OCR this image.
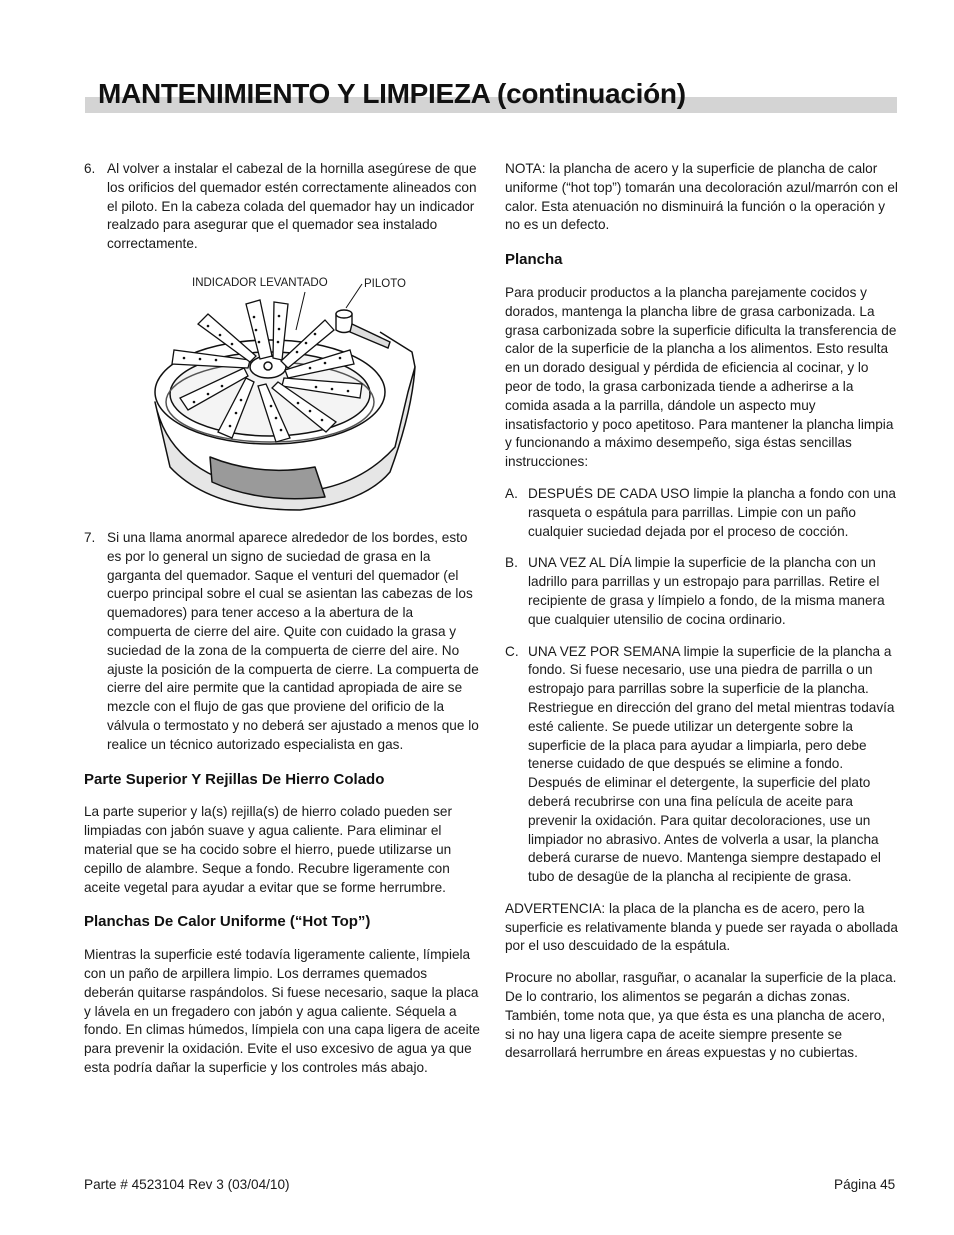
MANTENIMIENTO Y LIMPIEZA (continuación)
6. Al volver a instalar el cabezal de la hornilla asegúrese de que los orificios del quemador estén correctamente alineados con el piloto. En la cabeza colada del quemador hay un indicador realzado para asegurar que el quemador sea instalado correctamente.

7. Si una llama anormal aparece alrededor de los bordes, esto es por lo general un signo de suciedad de grasa en la garganta del quemador. Saque el venturi del quemador (el cuerpo principal sobre el cual se asientan las cabezas de los quemadores) para tener acceso a la abertura de la compuerta de cierre del aire. Quite con cuidado la grasa y suciedad de la zona de la compuerta de cierre del aire. No ajuste la posición de la compuerta de cierre. La compuerta de cierre del aire permite que la cantidad apropiada de aire se mezcle con el flujo de gas que proviene del orificio de la válvula o termostato y no deberá ser ajustado a menos que lo realice un técnico autorizado especialista en gas.

Parte Superior Y Rejillas De Hierro Colado

La parte superior y la(s) rejilla(s) de hierro colado pueden ser limpiadas con jabón suave y agua caliente. Para eliminar el material que se ha cocido sobre el hierro, puede utilizarse un cepillo de alambre. Seque a fondo. Recubre ligeramente con aceite vegetal para ayudar a evitar que se forme herrumbre.

Planchas De Calor Uniforme (“Hot Top”)

Mientras la superficie esté todavía ligeramente caliente, límpiela con un paño de arpillera limpio. Los derrames quemados deberán quitarse raspándolos. Si fuese necesario, saque la placa y lávela en un fregadero con jabón y agua caliente. Séquela a fondo. En climas húmedos, límpiela con una capa ligera de aceite para prevenir la oxidación. Evite el uso excesivo de agua ya que esta podría dañar la superficie y los controles más abajo.

INDICADOR LEVANTADO	PILOTO

NOTA: la plancha de acero y la superficie de plancha de calor uniforme (“hot top”) tomarán una decoloración azul/marrón con el calor. Esta atenuación no disminuirá la función o la operación y no es un defecto.

Plancha

Para producir productos a la plancha parejamente cocidos y dorados, mantenga la plancha libre de grasa carbonizada. La grasa carbonizada sobre la superficie dificulta la transferencia de calor de la superficie de la plancha a los alimentos. Esto resulta en un dorado desigual y pérdida de eficiencia al cocinar, y lo peor de todo, la grasa carbonizada tiende a adherirse a la comida asada a la parrilla, dándole un aspecto muy insatisfactorio y poco apetitoso. Para mantener la plancha limpia y funcionando a máximo desempeño, siga éstas sencillas instrucciones:

A. DESPUÉS DE CADA USO limpie la plancha a fondo con una rasqueta o espátula para parrillas. Limpie con un paño cualquier suciedad dejada por el proceso de cocción.

B. UNA VEZ AL DÍA limpie la superficie de la plancha con un ladrillo para parrillas y un estropajo para parrillas. Retire el recipiente de grasa y límpielo a fondo, de la misma manera que cualquier utensilio de cocina ordinario.

C. UNA VEZ POR SEMANA limpie la superficie de la plancha a fondo. Si fuese necesario, use una piedra de parrilla o un estropajo para parrillas sobre la superficie de la plancha. Restriegue en dirección del grano del metal mientras todavía esté caliente. Se puede utilizar un detergente sobre la superficie de la placa para ayudar a limpiarla, pero debe tenerse cuidado de que después se elimine a fondo. Después de eliminar el detergente, la superficie del plato deberá recubrirse con una fina película de aceite para prevenir la oxidación. Para quitar decoloraciones, use un limpiador no abrasivo. Antes de volverla a usar, la plancha deberá curarse de nuevo. Mantenga siempre destapado el tubo de desagüe de la plancha al recipiente de grasa.

ADVERTENCIA: la placa de la plancha es de acero, pero la superficie es relativamente blanda y puede ser rayada o abollada por el uso descuidado de la espátula.

Procure no abollar, rasguñar, o acanalar la superficie de la placa. De lo contrario, los alimentos se pegarán a dichas zonas. También, tome nota que, ya que ésta es una plancha de acero, si no hay una ligera capa de aceite siempre presente se desarrollará herrumbre en áreas expuestas y no cubiertas.

Parte # 4523104 Rev 3 (03/04/10)	Página 45
